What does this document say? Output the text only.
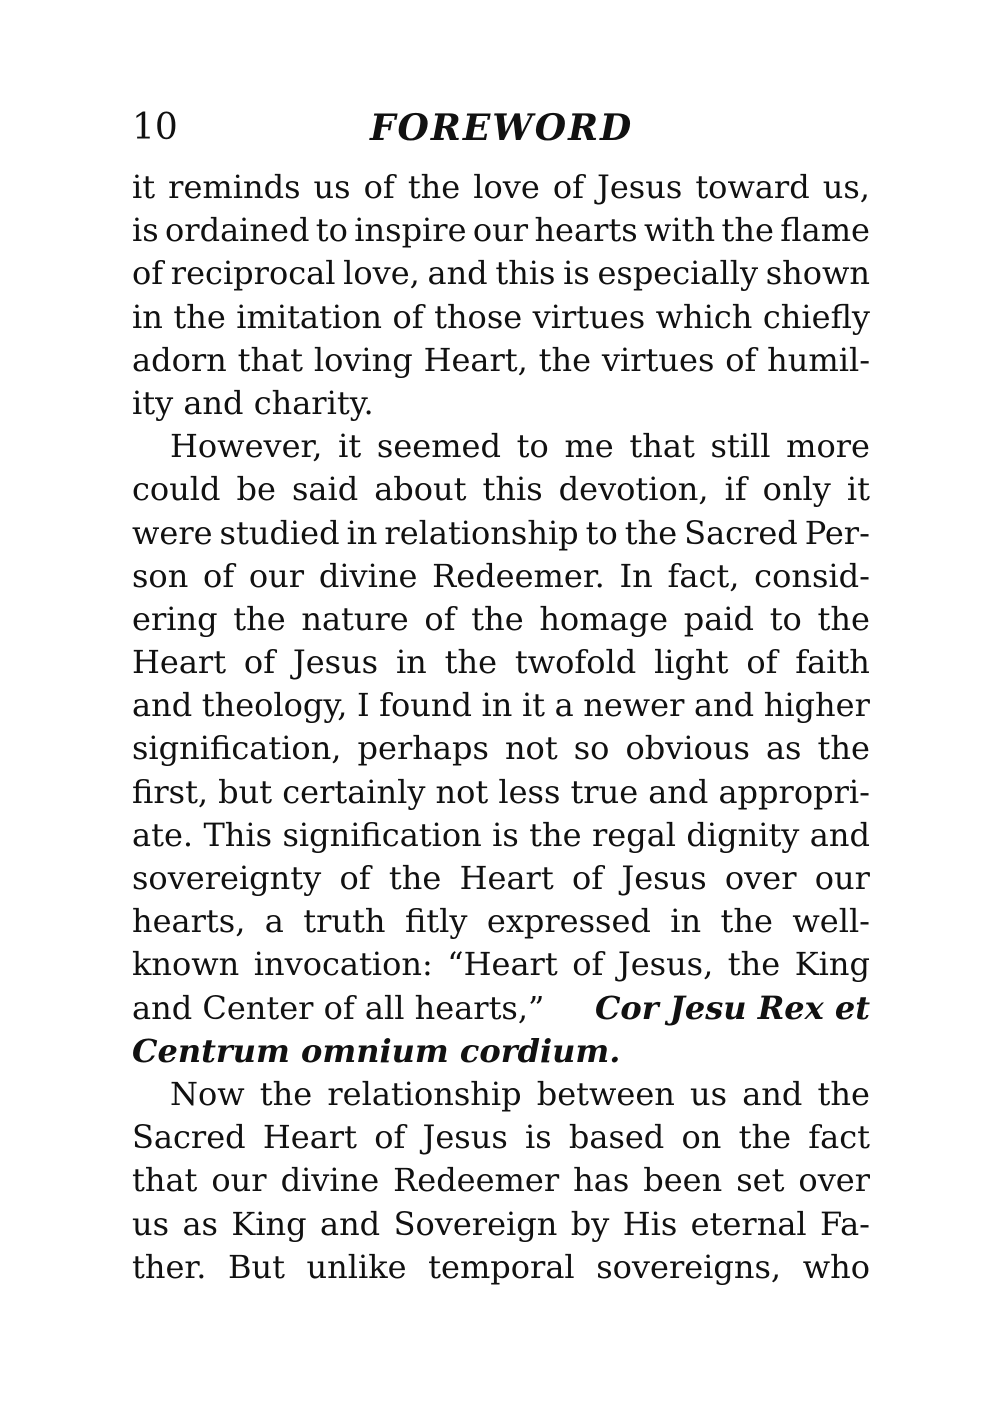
10	FOREWORD
it reminds us of the love of Jesus toward us,
is ordained to inspire our hearts with the flame
of reciprocal love, and this is especially shown
in the imitation of those virtues which chiefly
adorn that loving Heart, the virtues of humil-
ity and charity.
However, it seemed to me that still more
could be said about this devotion, if only it
were studied in relationship to the Sacred Per-
son of our divine Redeemer. In fact, consid-
ering the nature of the homage paid to the
Heart of Jesus in the twofold light of faith
and theology, I found in it a newer and higher
signification, perhaps not so obvious as the
first, but certainly not less true and appropri-
ate. This signification is the regal dignity and
sovereignty of the Heart of Jesus over our
hearts, a truth fitly expressed in the well-
known invocation: “Heart of Jesus, the King
and Center of all hearts,” Cor Jesu Rex et
Centrum omnium cordium.
Now the relationship between us and the
Sacred Heart of Jesus is based on the fact
that our divine Redeemer has been set over
us as King and Sovereign by His eternal Fa-
ther. But unlike temporal sovereigns, who
